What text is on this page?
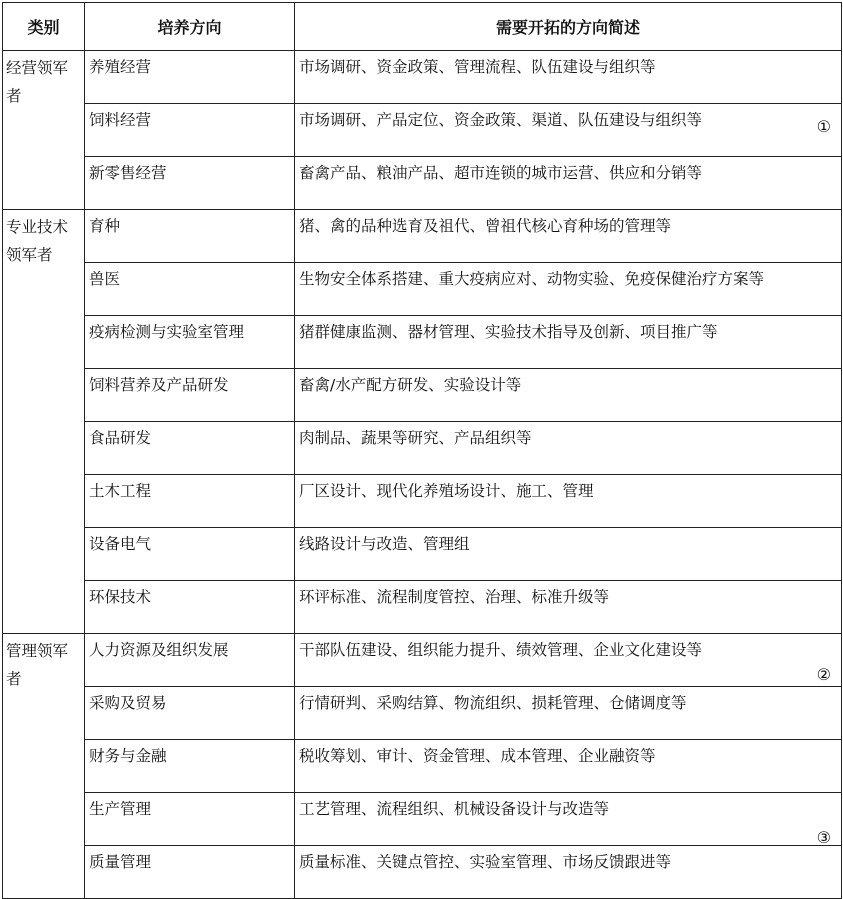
类别	培养方向	需要开拓的方向简述
经营领军者	养殖经营	市场调研、资金政策、管理流程、队伍建设与组织等
	饲料经营	市场调研、产品定位、资金政策、渠道、队伍建设与组织等 ①

	新零售经营	畜禽产品、粮油产品、超市连锁的城市运营、供应和分销等
专业技术领军者	育种	猪、禽的品种选育及祖代、曾祖代核心育种场的管理等
	兽医	生物安全体系搭建、重大疫病应对、动物实验、免疫保健治疗方案等
	疫病检测与实验室管理	猪群健康监测、器材管理、实验技术指导及创新、项目推广等
	饲料营养及产品研发	畜禽/水产配方研发、实验设计等
	食品研发	肉制品、蔬果等研究、产品组织等
	土木工程	厂区设计、现代化养殖场设计、施工、管理
	设备电气	线路设计与改造、管理组
	环保技术	环评标准、流程制度管控、治理、标准升级等
管理领军者	人力资源及组织发展	干部队伍建设、组织能力提升、绩效管理、企业文化建设等
②

	采购及贸易	行情研判、采购结算、物流组织、损耗管理、仓储调度等
	财务与金融	税收筹划、审计、资金管理、成本管理、企业融资等
	生产管理	工艺管理、流程组织、机械设备设计与改造等
③

	质量管理	质量标准、关键点管控、实验室管理、市场反馈跟进等
